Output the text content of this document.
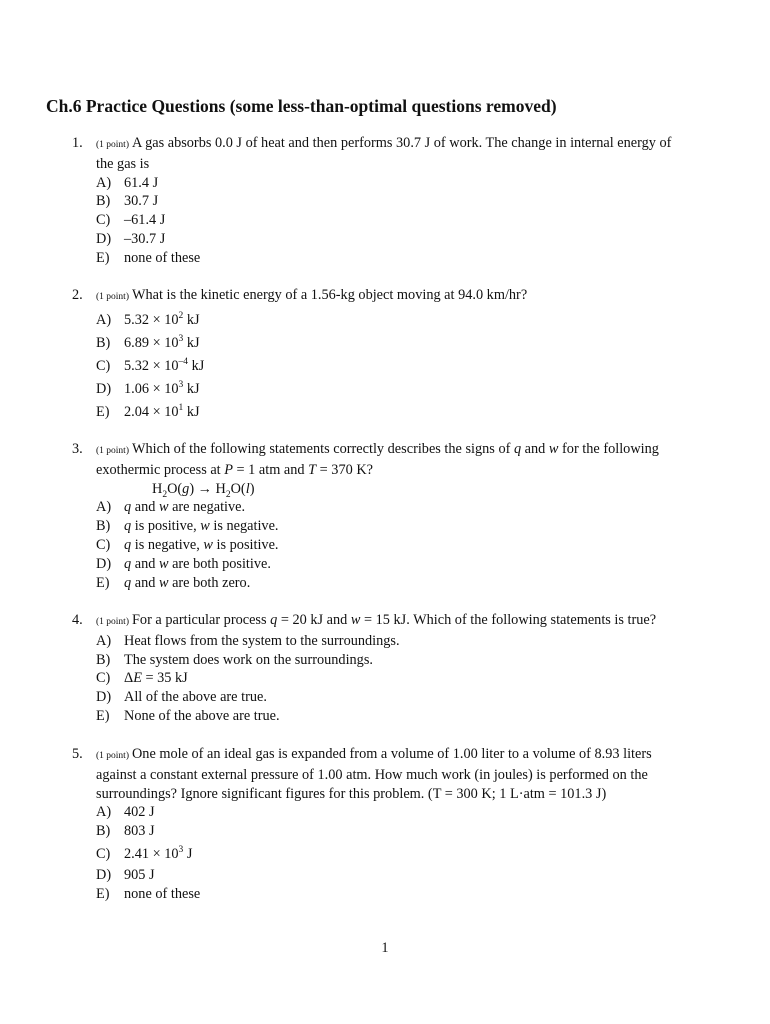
Ch.6 Practice Questions (some less-than-optimal questions removed)
1. (1 point) A gas absorbs 0.0 J of heat and then performs 30.7 J of work. The change in internal energy of
the gas is
A) 61.4 J
B) 30.7 J
C) –61.4 J
D) –30.7 J
E) none of these
2. (1 point) What is the kinetic energy of a 1.56-kg object moving at 94.0 km/hr?
A) $5.32 \times 10^2$ kJ
B) $6.89 \times 10^3$ kJ
C) $5.32 \times 10^{-4}$ kJ
D) $1.06 \times 10^3$ kJ
E) $2.04 \times 10^1$ kJ
3. (1 point) Which of the following statements correctly describes the signs of q and w for the following
exothermic process at P = 1 atm and T = 370 K?
$H_2O(g) \to H_2O(l)$
A) q and w are negative.
B) q is positive, w is negative.
C) q is negative, w is positive.
D) q and w are both positive.
E) q and w are both zero.
4. (1 point) For a particular process q = 20 kJ and w = 15 kJ. Which of the following statements is true?
A) Heat flows from the system to the surroundings.
B) The system does work on the surroundings.
C) ΔE = 35 kJ
D) All of the above are true.
E) None of the above are true.
5. (1 point) One mole of an ideal gas is expanded from a volume of 1.00 liter to a volume of 8.93 liters
against a constant external pressure of 1.00 atm. How much work (in joules) is performed on the
surroundings? Ignore significant figures for this problem. (T = 300 K; 1 L·atm = 101.3 J)
A) 402 J
B) 803 J
C) $2.41 \times 10^3$ J
D) 905 J
E) none of these
1
